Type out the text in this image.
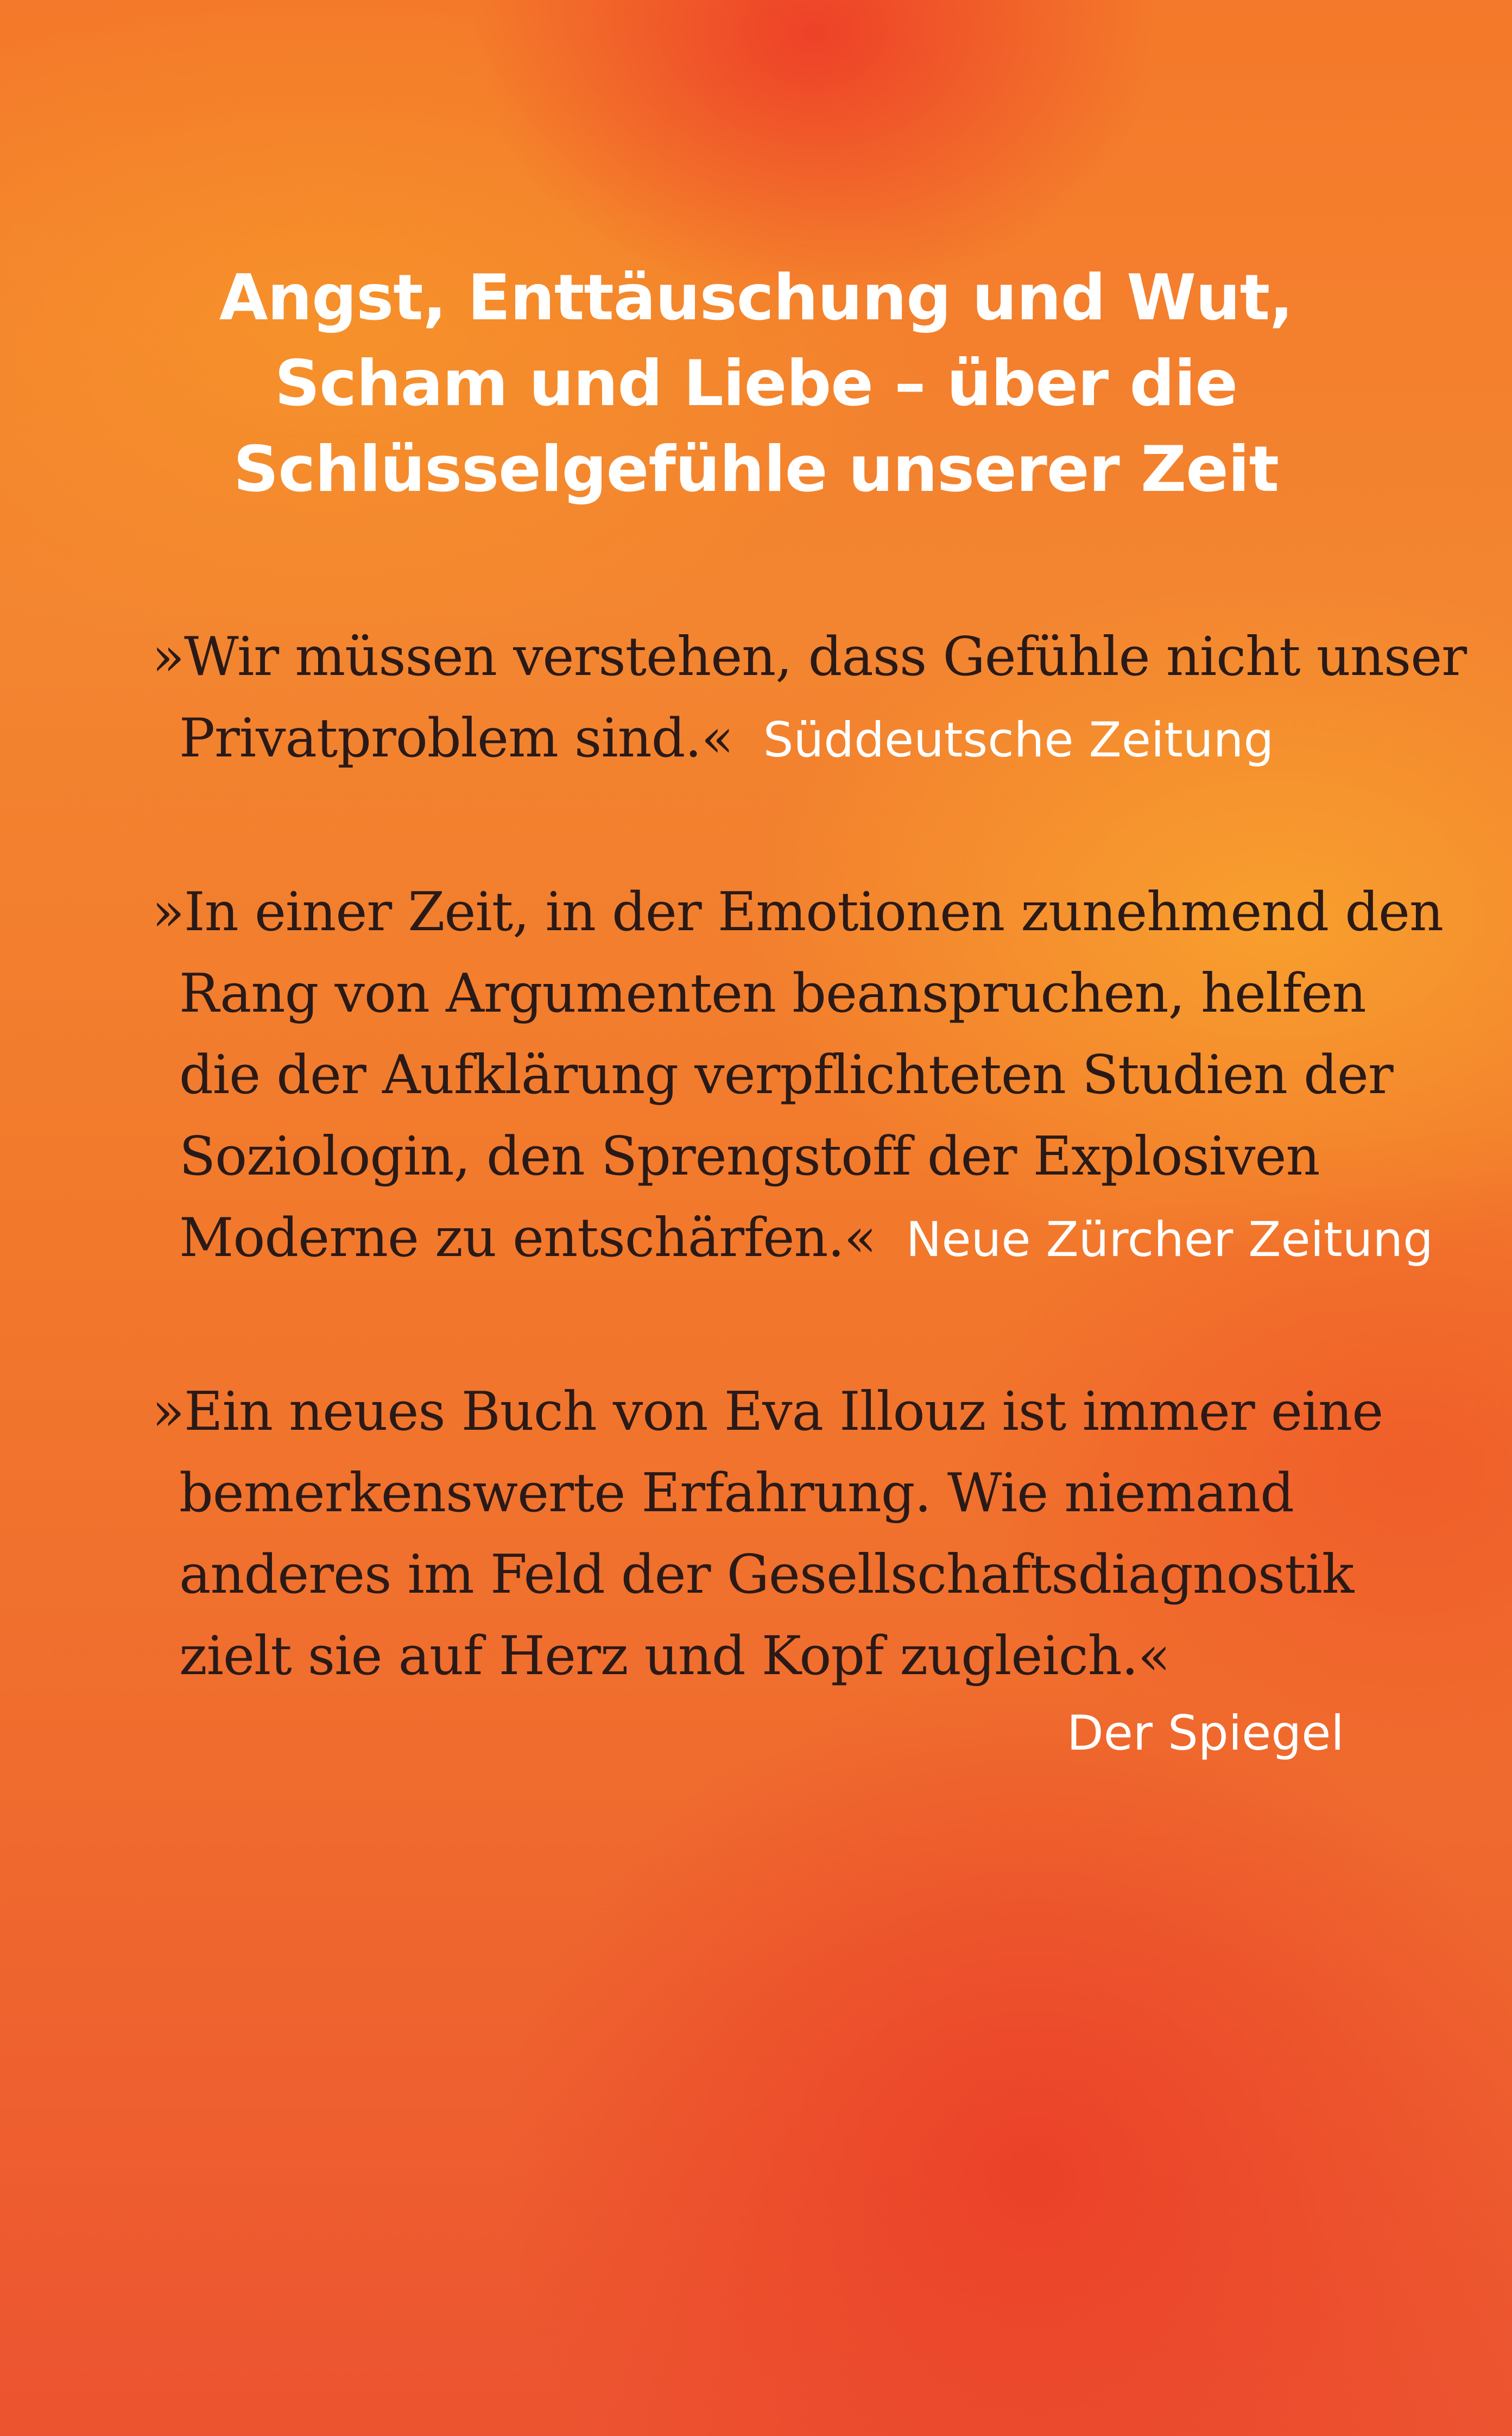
Angst, Enttäuschung und Wut,
Scham und Liebe – über die
Schlüsselgefühle unserer Zeit
»Wir müssen verstehen, dass Gefühle nicht unser
Privatproblem sind.« Süddeutsche Zeitung
»In einer Zeit, in der Emotionen zunehmend den
Rang von Argumenten beanspruchen, helfen
die der Aufklärung verpflichteten Studien der
Soziologin, den Sprengstoff der Explosiven
Moderne zu entschärfen.« Neue Zürcher Zeitung
»Ein neues Buch von Eva Illouz ist immer eine
bemerkenswerte Erfahrung. Wie niemand
anderes im Feld der Gesellschaftsdiagnostik
zielt sie auf Herz und Kopf zugleich.«
Der Spiegel
